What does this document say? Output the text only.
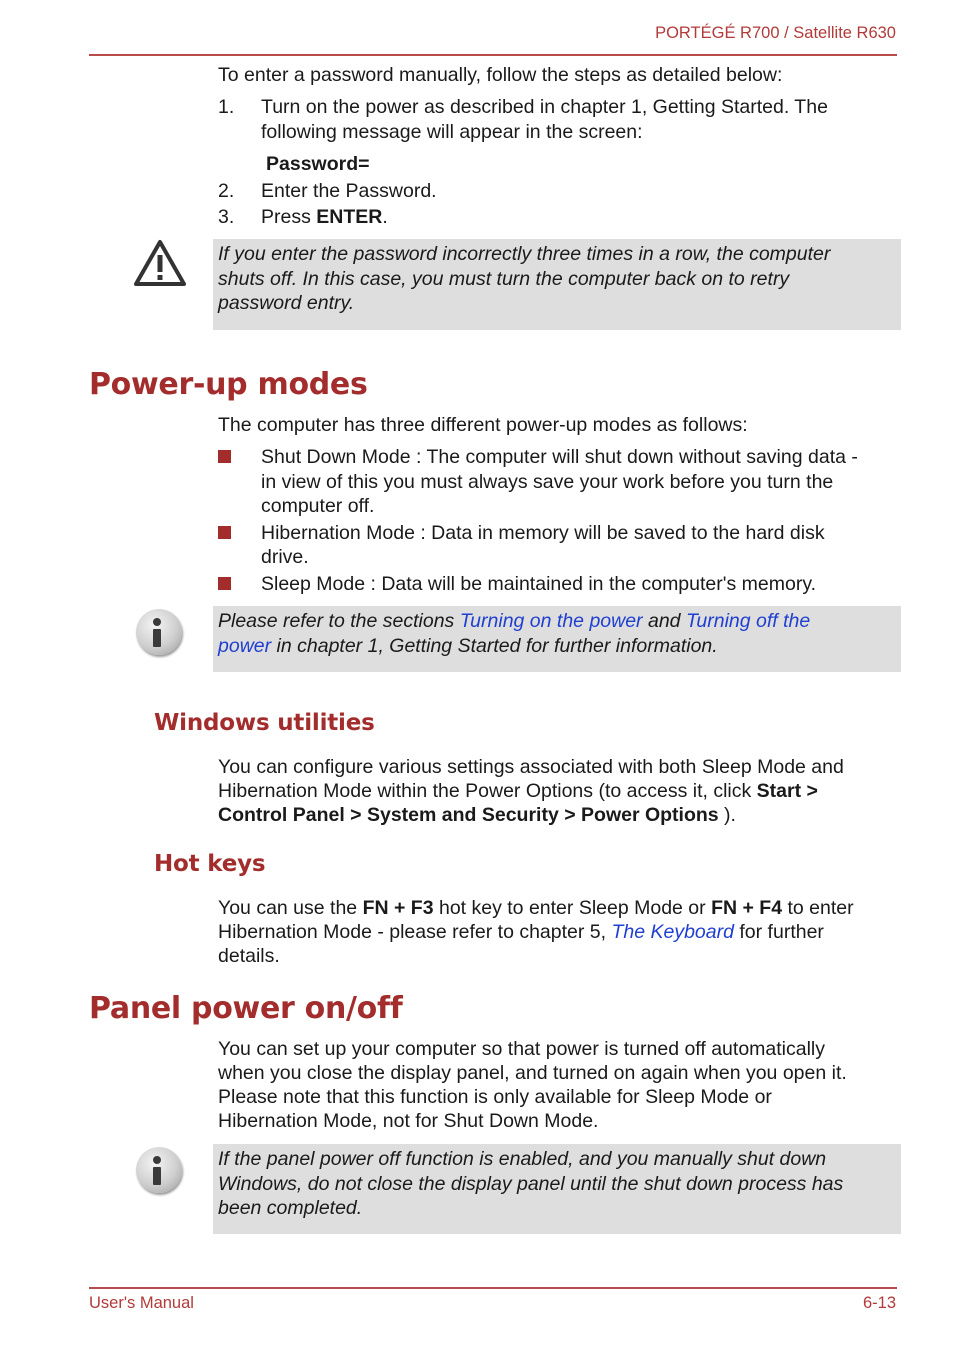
PORTÉGÉ R700 / Satellite R630
To enter a password manually, follow the steps as detailed below:
1. Turn on the power as described in chapter 1, Getting Started. The
following message will appear in the screen:
Password=
2. Enter the Password.
3. Press ENTER.
If you enter the password incorrectly three times in a row, the computer
shuts off. In this case, you must turn the computer back on to retry
password entry.
Power-up modes
The computer has three different power-up modes as follows:
Shut Down Mode : The computer will shut down without saving data -
in view of this you must always save your work before you turn the
computer off.
Hibernation Mode : Data in memory will be saved to the hard disk
drive.
Sleep Mode : Data will be maintained in the computer's memory.
Please refer to the sections Turning on the power and Turning off the
power in chapter 1, Getting Started for further information.
Windows utilities
You can configure various settings associated with both Sleep Mode and
Hibernation Mode within the Power Options (to access it, click Start >
Control Panel > System and Security > Power Options ).
Hot keys
You can use the FN + F3 hot key to enter Sleep Mode or FN + F4 to enter
Hibernation Mode - please refer to chapter 5, The Keyboard for further
details.
Panel power on/off
You can set up your computer so that power is turned off automatically
when you close the display panel, and turned on again when you open it.
Please note that this function is only available for Sleep Mode or
Hibernation Mode, not for Shut Down Mode.
If the panel power off function is enabled, and you manually shut down
Windows, do not close the display panel until the shut down process has
been completed.
User's Manual	6-13
